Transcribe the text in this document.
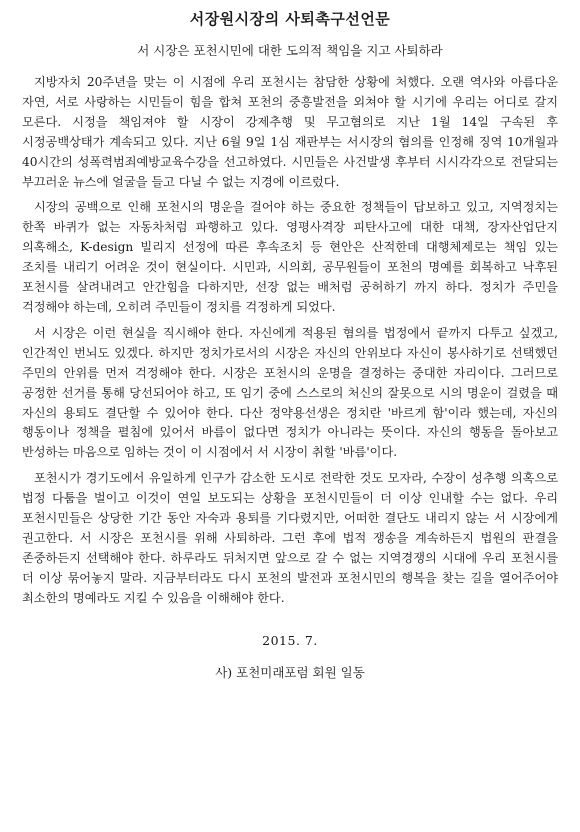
서장원시장의 사퇴촉구선언문
서 시장은 포천시민에 대한 도의적 책임을 지고 사퇴하라

지방자치 20주년을 맞는 이 시점에 우리 포천시는 참담한 상황에 처했다. 오랜 역사와 아름다운 자연, 서로 사랑하는 시민들이 힘을 합쳐 포천의 중흥발전을 외쳐야 할 시기에 우리는 어디로 갈지 모른다. 시정을 책임져야 할 시장이 강제추행 및 무고혐의로 지난 1월 14일 구속된 후 시정공백상태가 계속되고 있다. 지난 6월 9일 1심 재판부는 서시장의 혐의를 인정해 징역 10개월과 40시간의 성폭력범죄예방교육수강을 선고하였다. 시민들은 사건발생 후부터 시시각각으로 전달되는 부끄러운 뉴스에 얼굴을 들고 다닐 수 없는 지경에 이르렀다.

시장의 공백으로 인해 포천시의 명운을 걸어야 하는 중요한 정책들이 답보하고 있고, 지역정치는 한쪽 바퀴가 없는 자동차처럼 파행하고 있다. 영평사격장 피탄사고에 대한 대책, 장자산업단지 의혹해소, K-design 빌리지 선정에 따른 후속조치 등 현안은 산적한데 대행체제로는 책임 있는 조치를 내리기 어려운 것이 현실이다. 시민과, 시의회, 공무원들이 포천의 명예를 회복하고 낙후된 포천시를 살려내려고 안간힘을 다하지만, 선장 없는 배처럼 공허하기 까지 하다. 정치가 주민을 걱정해야 하는데, 오히려 주민들이 정치를 걱정하게 되었다.

서 시장은 이런 현실을 직시해야 한다. 자신에게 적용된 혐의를 법정에서 끝까지 다투고 싶겠고, 인간적인 번뇌도 있겠다. 하지만 정치가로서의 시장은 자신의 안위보다 자신이 봉사하기로 선택했던 주민의 안위를 먼저 걱정해야 한다. 시장은 포천시의 운명을 결정하는 중대한 자리이다. 그러므로 공정한 선거를 통해 당선되어야 하고, 또 임기 중에 스스로의 처신의 잘못으로 시의 명운이 걸렸을 때 자신의 용퇴도 결단할 수 있어야 한다. 다산 정약용선생은 정치란 '바르게 함'이라 했는데, 자신의 행동이나 정책을 펼침에 있어서 바름이 없다면 정치가 아니라는 뜻이다. 자신의 행동을 돌아보고 반성하는 마음으로 임하는 것이 이 시점에서 서 시장이 취할 '바름'이다.

포천시가 경기도에서 유일하게 인구가 감소한 도시로 전락한 것도 모자라, 수장이 성추행 의혹으로 법정 다툼을 벌이고 이것이 연일 보도되는 상황을 포천시민들이 더 이상 인내할 수는 없다. 우리 포천시민들은 상당한 기간 동안 자숙과 용퇴를 기다렸지만, 어떠한 결단도 내리지 않는 서 시장에게 권고한다. 서 시장은 포천시를 위해 사퇴하라. 그런 후에 법적 쟁송을 계속하든지 법원의 판결을 존중하든지 선택해야 한다. 하루라도 뒤처지면 앞으로 갈 수 없는 지역경쟁의 시대에 우리 포천시를 더 이상 묶어놓지 말라. 지금부터라도 다시 포천의 발전과 포천시민의 행복을 찾는 길을 열어주어야 최소한의 명예라도 지킬 수 있음을 이해해야 한다.

2015. 7.
사) 포천미래포럼 회원 일동
